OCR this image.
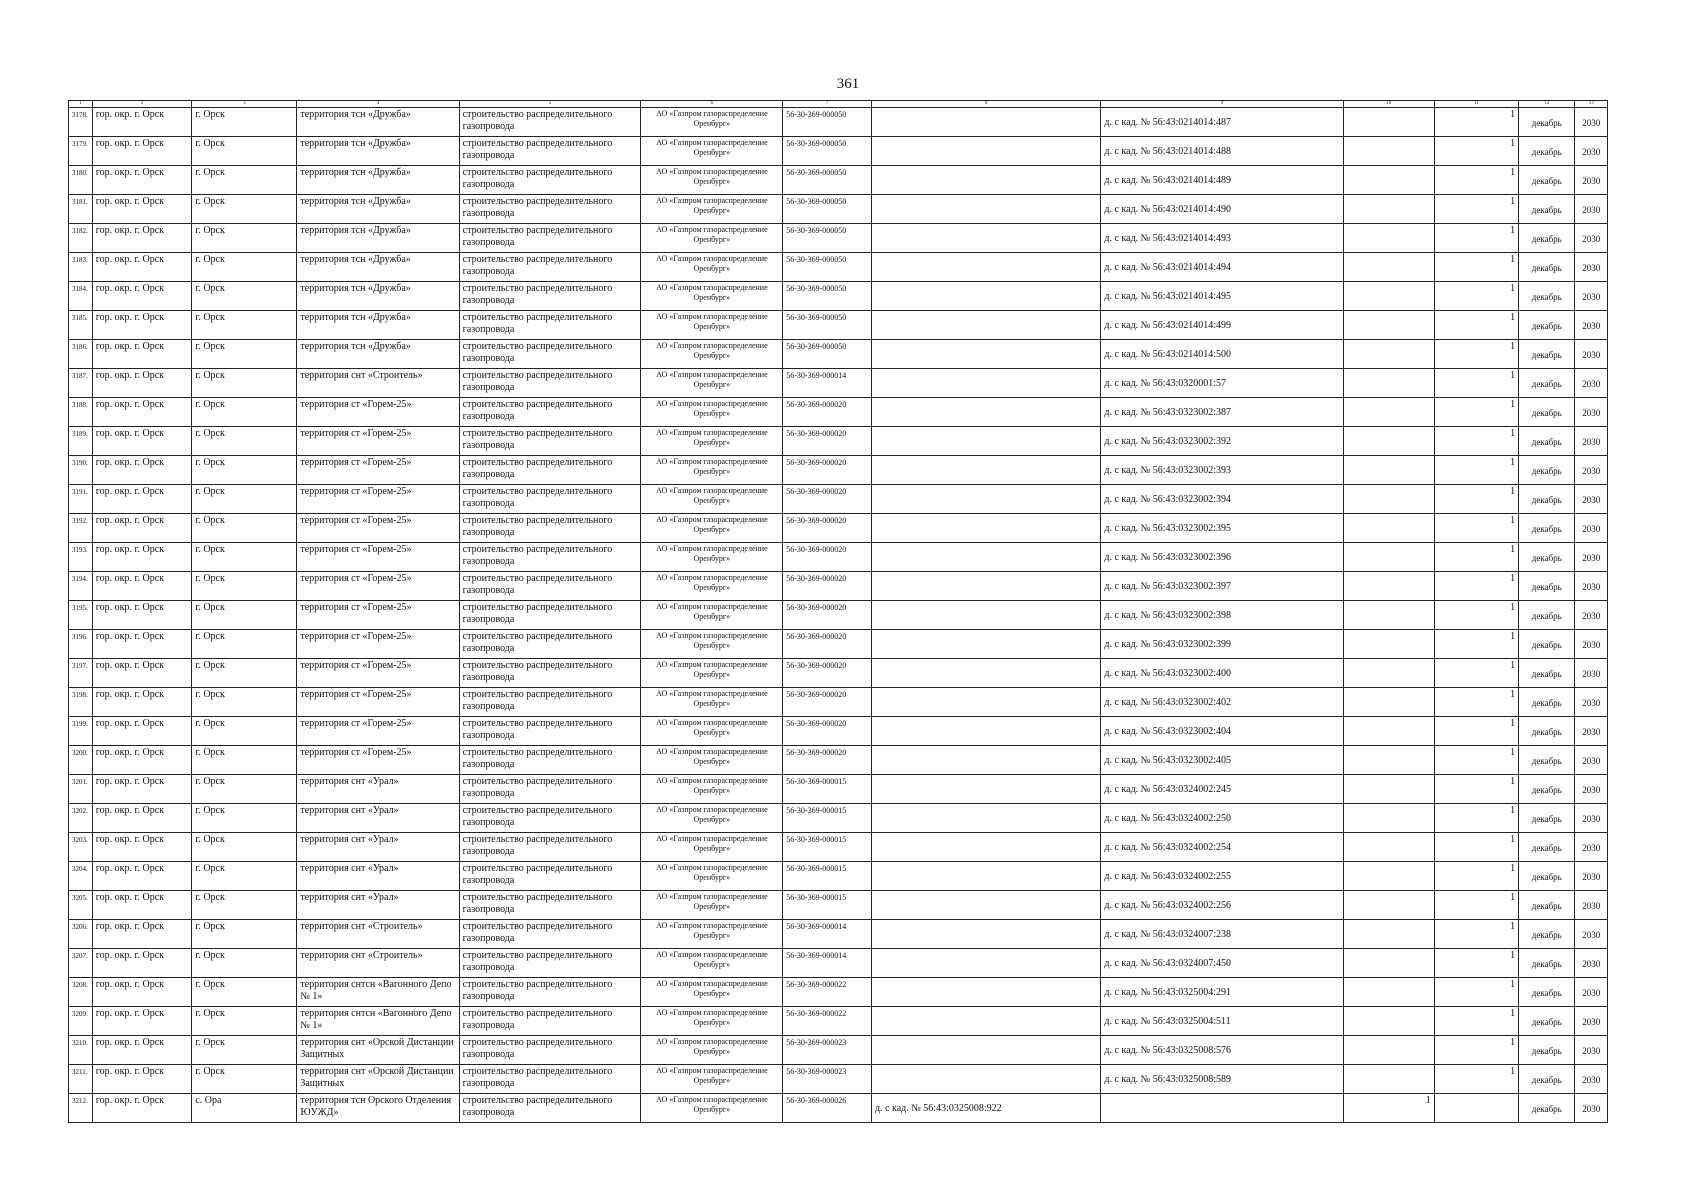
361
1	2	3	4	5	6	7	8	9	10	11	12	13
3178.	гор. окр. г. Орск	г. Орск	территория тсн «Дружба»	строительство распределительного газопровода	АО «Газпром газораспределение Оренбург»	56-30-369-000050		д. с кад. № 56:43:0214014:487		1	декабрь	2030
3179.	гор. окр. г. Орск	г. Орск	территория тсн «Дружба»	строительство распределительного газопровода	АО «Газпром газораспределение Оренбург»	56-30-369-000050		д. с кад. № 56:43:0214014:488		1	декабрь	2030
3180.	гор. окр. г. Орск	г. Орск	территория тсн «Дружба»	строительство распределительного газопровода	АО «Газпром газораспределение Оренбург»	56-30-369-000050		д. с кад. № 56:43:0214014:489		1	декабрь	2030
3181.	гор. окр. г. Орск	г. Орск	территория тсн «Дружба»	строительство распределительного газопровода	АО «Газпром газораспределение Оренбург»	56-30-369-000050		д. с кад. № 56:43:0214014:490		1	декабрь	2030
3182.	гор. окр. г. Орск	г. Орск	территория тсн «Дружба»	строительство распределительного газопровода	АО «Газпром газораспределение Оренбург»	56-30-369-000050		д. с кад. № 56:43:0214014:493		1	декабрь	2030
3183.	гор. окр. г. Орск	г. Орск	территория тсн «Дружба»	строительство распределительного газопровода	АО «Газпром газораспределение Оренбург»	56-30-369-000050		д. с кад. № 56:43:0214014:494		1	декабрь	2030
3184.	гор. окр. г. Орск	г. Орск	территория тсн «Дружба»	строительство распределительного газопровода	АО «Газпром газораспределение Оренбург»	56-30-369-000050		д. с кад. № 56:43:0214014:495		1	декабрь	2030
3185.	гор. окр. г. Орск	г. Орск	территория тсн «Дружба»	строительство распределительного газопровода	АО «Газпром газораспределение Оренбург»	56-30-369-000050		д. с кад. № 56:43:0214014:499		1	декабрь	2030
3186.	гор. окр. г. Орск	г. Орск	территория тсн «Дружба»	строительство распределительного газопровода	АО «Газпром газораспределение Оренбург»	56-30-369-000050		д. с кад. № 56:43:0214014:500		1	декабрь	2030
3187.	гор. окр. г. Орск	г. Орск	территория снт «Строитель»	строительство распределительного газопровода	АО «Газпром газораспределение Оренбург»	56-30-369-000014		д. с кад. № 56:43:0320001:57		1	декабрь	2030
3188.	гор. окр. г. Орск	г. Орск	территория ст «Горем-25»	строительство распределительного газопровода	АО «Газпром газораспределение Оренбург»	56-30-369-000020		д. с кад. № 56:43:0323002:387		1	декабрь	2030
3189.	гор. окр. г. Орск	г. Орск	территория ст «Горем-25»	строительство распределительного газопровода	АО «Газпром газораспределение Оренбург»	56-30-369-000020		д. с кад. № 56:43:0323002:392		1	декабрь	2030
3190.	гор. окр. г. Орск	г. Орск	территория ст «Горем-25»	строительство распределительного газопровода	АО «Газпром газораспределение Оренбург»	56-30-369-000020		д. с кад. № 56:43:0323002:393		1	декабрь	2030
3191.	гор. окр. г. Орск	г. Орск	территория ст «Горем-25»	строительство распределительного газопровода	АО «Газпром газораспределение Оренбург»	56-30-369-000020		д. с кад. № 56:43:0323002:394		1	декабрь	2030
3192.	гор. окр. г. Орск	г. Орск	территория ст «Горем-25»	строительство распределительного газопровода	АО «Газпром газораспределение Оренбург»	56-30-369-000020		д. с кад. № 56:43:0323002:395		1	декабрь	2030
3193.	гор. окр. г. Орск	г. Орск	территория ст «Горем-25»	строительство распределительного газопровода	АО «Газпром газораспределение Оренбург»	56-30-369-000020		д. с кад. № 56:43:0323002:396		1	декабрь	2030
3194.	гор. окр. г. Орск	г. Орск	территория ст «Горем-25»	строительство распределительного газопровода	АО «Газпром газораспределение Оренбург»	56-30-369-000020		д. с кад. № 56:43:0323002:397		1	декабрь	2030
3195.	гор. окр. г. Орск	г. Орск	территория ст «Горем-25»	строительство распределительного газопровода	АО «Газпром газораспределение Оренбург»	56-30-369-000020		д. с кад. № 56:43:0323002:398		1	декабрь	2030
3196.	гор. окр. г. Орск	г. Орск	территория ст «Горем-25»	строительство распределительного газопровода	АО «Газпром газораспределение Оренбург»	56-30-369-000020		д. с кад. № 56:43:0323002:399		1	декабрь	2030
3197.	гор. окр. г. Орск	г. Орск	территория ст «Горем-25»	строительство распределительного газопровода	АО «Газпром газораспределение Оренбург»	56-30-369-000020		д. с кад. № 56:43:0323002:400		1	декабрь	2030
3198.	гор. окр. г. Орск	г. Орск	территория ст «Горем-25»	строительство распределительного газопровода	АО «Газпром газораспределение Оренбург»	56-30-369-000020		д. с кад. № 56:43:0323002:402		1	декабрь	2030
3199.	гор. окр. г. Орск	г. Орск	территория ст «Горем-25»	строительство распределительного газопровода	АО «Газпром газораспределение Оренбург»	56-30-369-000020		д. с кад. № 56:43:0323002:404		1	декабрь	2030
3200.	гор. окр. г. Орск	г. Орск	территория ст «Горем-25»	строительство распределительного газопровода	АО «Газпром газораспределение Оренбург»	56-30-369-000020		д. с кад. № 56:43:0323002:405		1	декабрь	2030
3201.	гор. окр. г. Орск	г. Орск	территория снт «Урал»	строительство распределительного газопровода	АО «Газпром газораспределение Оренбург»	56-30-369-000015		д. с кад. № 56:43:0324002:245		1	декабрь	2030
3202.	гор. окр. г. Орск	г. Орск	территория снт «Урал»	строительство распределительного газопровода	АО «Газпром газораспределение Оренбург»	56-30-369-000015		д. с кад. № 56:43:0324002:250		1	декабрь	2030
3203.	гор. окр. г. Орск	г. Орск	территория снт «Урал»	строительство распределительного газопровода	АО «Газпром газораспределение Оренбург»	56-30-369-000015		д. с кад. № 56:43:0324002:254		1	декабрь	2030
3204.	гор. окр. г. Орск	г. Орск	территория снт «Урал»	строительство распределительного газопровода	АО «Газпром газораспределение Оренбург»	56-30-369-000015		д. с кад. № 56:43:0324002:255		1	декабрь	2030
3205.	гор. окр. г. Орск	г. Орск	территория снт «Урал»	строительство распределительного газопровода	АО «Газпром газораспределение Оренбург»	56-30-369-000015		д. с кад. № 56:43:0324002:256		1	декабрь	2030
3206.	гор. окр. г. Орск	г. Орск	территория снт «Строитель»	строительство распределительного газопровода	АО «Газпром газораспределение Оренбург»	56-30-369-000014		д. с кад. № 56:43:0324007:238		1	декабрь	2030
3207.	гор. окр. г. Орск	г. Орск	территория снт «Строитель»	строительство распределительного газопровода	АО «Газпром газораспределение Оренбург»	56-30-369-000014		д. с кад. № 56:43:0324007:450		1	декабрь	2030
3208.	гор. окр. г. Орск	г. Орск	территория снтсн «Вагонного Депо № 1»	строительство распределительного газопровода	АО «Газпром газораспределение Оренбург»	56-30-369-000022		д. с кад. № 56:43:0325004:291		1	декабрь	2030
3209.	гор. окр. г. Орск	г. Орск	территория снтсн «Вагонного Депо № 1»	строительство распределительного газопровода	АО «Газпром газораспределение Оренбург»	56-30-369-000022		д. с кад. № 56:43:0325004:511		1	декабрь	2030
3210.	гор. окр. г. Орск	г. Орск	территория снт «Орской Дистанции Защитных	строительство распределительного газопровода	АО «Газпром газораспределение Оренбург»	56-30-369-000023		д. с кад. № 56:43:0325008:576		1	декабрь	2030
3211.	гор. окр. г. Орск	г. Орск	территория снт «Орской Дистанции Защитных	строительство распределительного газопровода	АО «Газпром газораспределение Оренбург»	56-30-369-000023		д. с кад. № 56:43:0325008:589		1	декабрь	2030
3212.	гор. окр. г. Орск	с. Ора	территория тсн Орского Отделения ЮУЖД»	строительство распределительного газопровода	АО «Газпром газораспределение Оренбург»	56-30-369-000026	д. с кад. № 56:43:0325008:922		1		декабрь	2030
